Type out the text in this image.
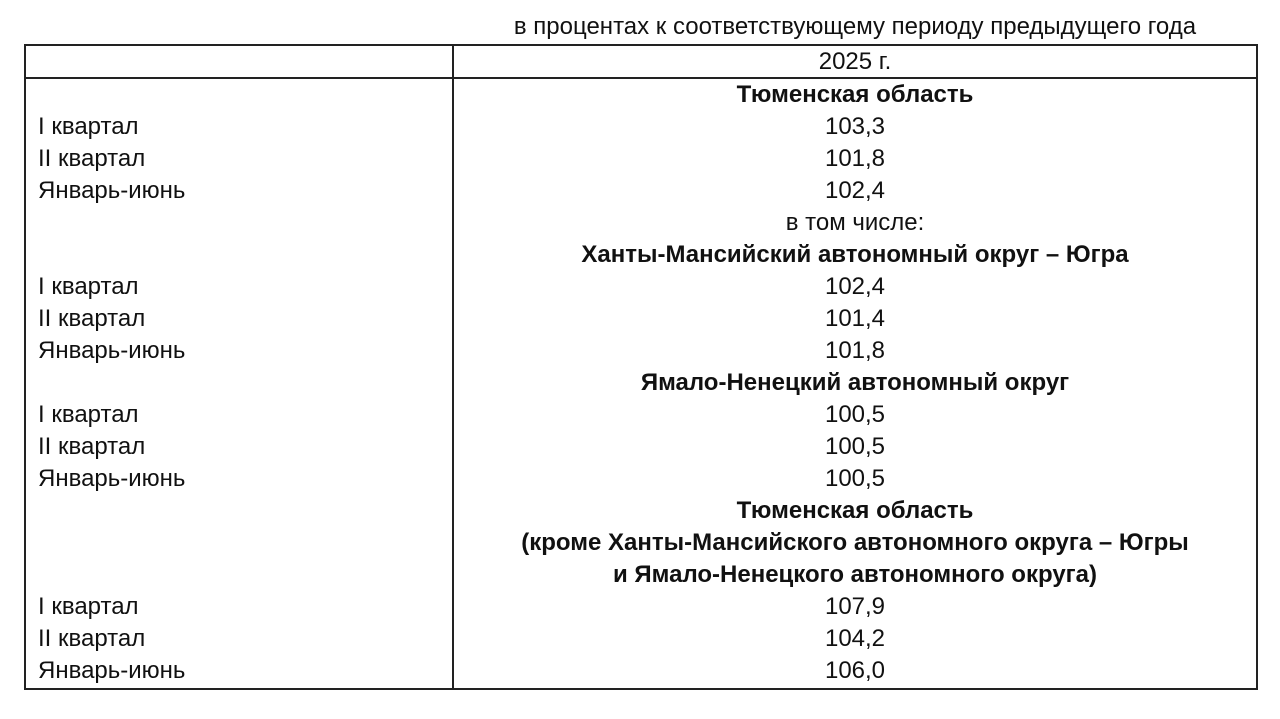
в процентах к соответствующему периоду предыдущего года
2025 г.
Тюменская область
I квартал	103,3
II квартал	101,8
Январь-июнь	102,4
в том числе:
Ханты-Мансийский автономный округ – Югра
I квартал	102,4
II квартал	101,4
Январь-июнь	101,8
Ямало-Ненецкий автономный округ
I квартал	100,5
II квартал	100,5
Январь-июнь	100,5
Тюменская область
(кроме Ханты-Мансийского автономного округа – Югры
и Ямало-Ненецкого автономного округа)
I квартал	107,9
II квартал	104,2
Январь-июнь	106,0
